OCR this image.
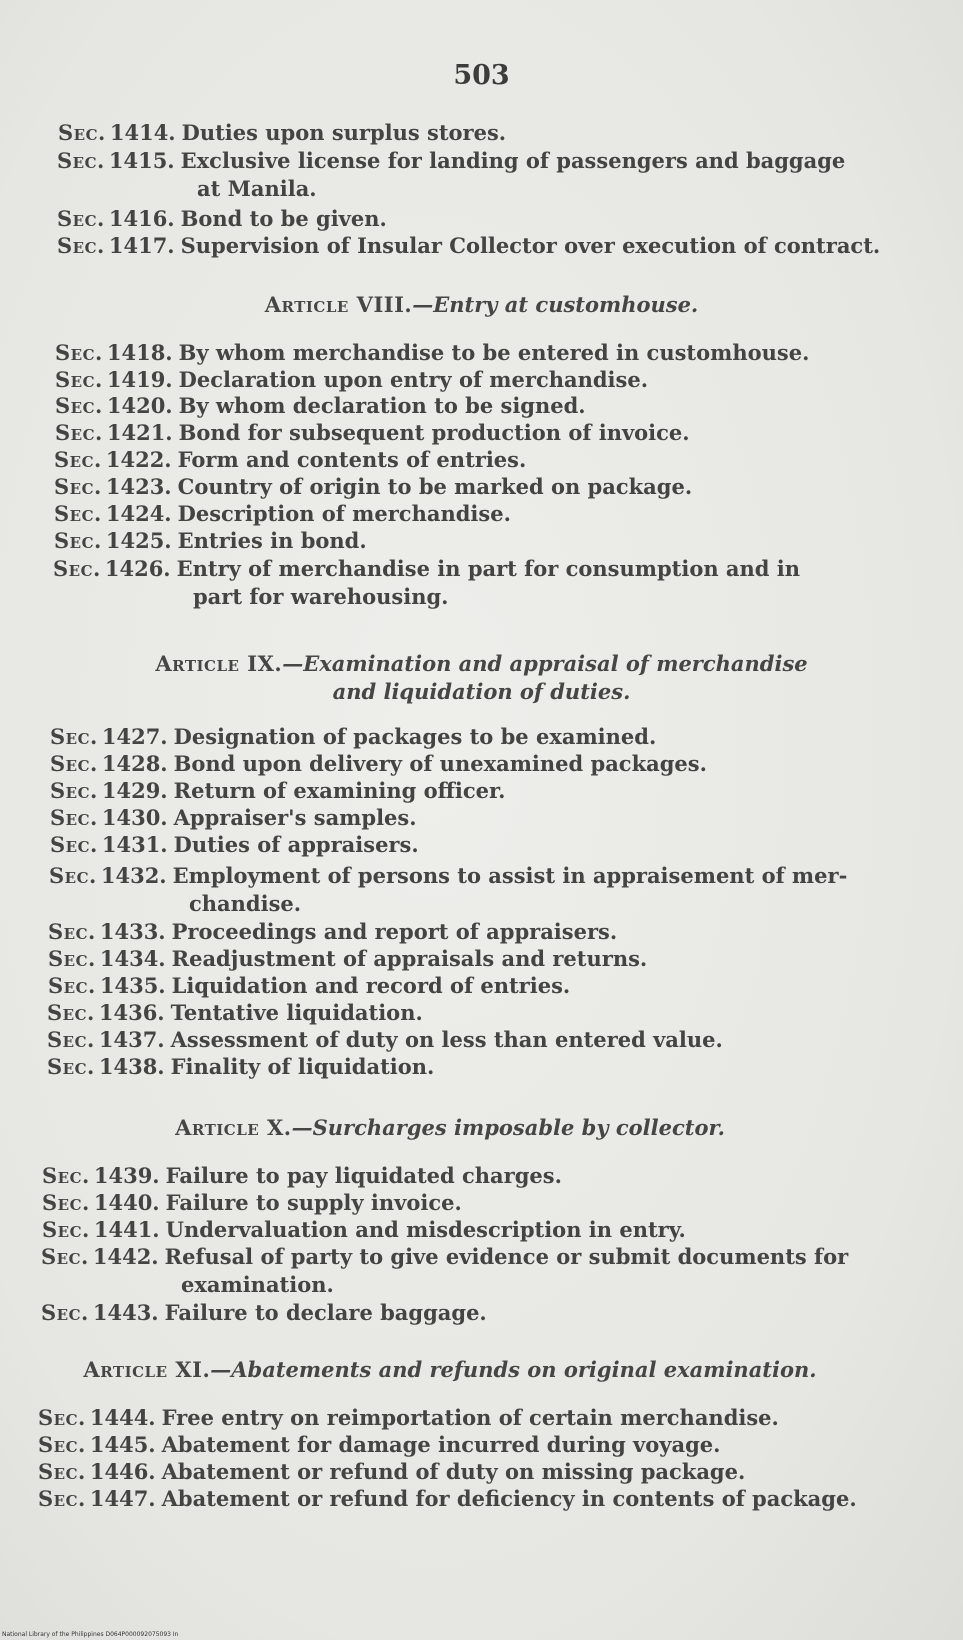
503
Sec. 1414. Duties upon surplus stores.
Sec. 1415. Exclusive license for landing of passengers and baggage
at Manila.
Sec. 1416. Bond to be given.
Sec. 1417. Supervision of Insular Collector over execution of contract.
Article VIII.—Entry at customhouse.
Sec. 1418. By whom merchandise to be entered in customhouse.
Sec. 1419. Declaration upon entry of merchandise.
Sec. 1420. By whom declaration to be signed.
Sec. 1421. Bond for subsequent production of invoice.
Sec. 1422. Form and contents of entries.
Sec. 1423. Country of origin to be marked on package.
Sec. 1424. Description of merchandise.
Sec. 1425. Entries in bond.
Sec. 1426. Entry of merchandise in part for consumption and in
part for warehousing.
Article IX.—Examination and appraisal of merchandise
and liquidation of duties.
Sec. 1427. Designation of packages to be examined.
Sec. 1428. Bond upon delivery of unexamined packages.
Sec. 1429. Return of examining officer.
Sec. 1430. Appraiser's samples.
Sec. 1431. Duties of appraisers.
Sec. 1432. Employment of persons to assist in appraisement of mer-
chandise.
Sec. 1433. Proceedings and report of appraisers.
Sec. 1434. Readjustment of appraisals and returns.
Sec. 1435. Liquidation and record of entries.
Sec. 1436. Tentative liquidation.
Sec. 1437. Assessment of duty on less than entered value.
Sec. 1438. Finality of liquidation.
Article X.—Surcharges imposable by collector.
Sec. 1439. Failure to pay liquidated charges.
Sec. 1440. Failure to supply invoice.
Sec. 1441. Undervaluation and misdescription in entry.
Sec. 1442. Refusal of party to give evidence or submit documents for
examination.
Sec. 1443. Failure to declare baggage.
Article XI.—Abatements and refunds on original examination.
Sec. 1444. Free entry on reimportation of certain merchandise.
Sec. 1445. Abatement for damage incurred during voyage.
Sec. 1446. Abatement or refund of duty on missing package.
Sec. 1447. Abatement or refund for deficiency in contents of package.
National Library of the Philippines D064P000092075093 In
